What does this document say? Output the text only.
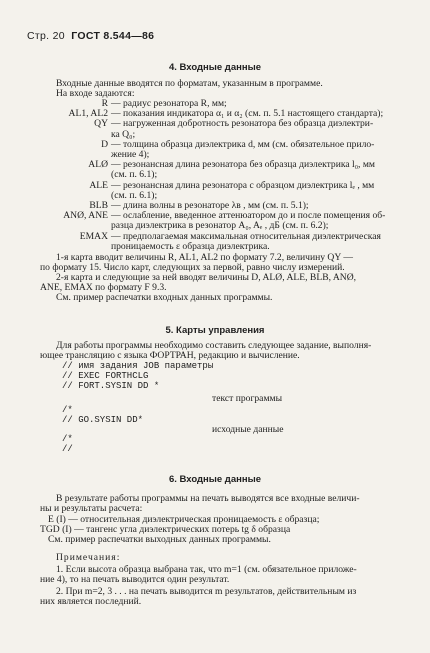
Стр. 20 ГОСТ 8.544—86
4. Входные данные
Входные данные вводятся по форматам, указанным в программе.
На входе задаются:
R — радиус резонатора R, мм;
AL1, AL2 — показания индикатора α₁ и α₂ (см. п. 5.1 настоящего стандарта);
QY — нагруженная добротность резонатора без образца диэлектри-
ка Q₀;
D — толщина образца диэлектрика d, мм (см. обязательное прило-
жение 4);
ALØ — резонансная длина резонатора без образца диэлектрика l₀, мм
(см. п. 6.1);
ALE — резонансная длина резонатора с образцом диэлектрика lₑ , мм
(см. п. 6.1);
BLB — длина волны в резонаторе λв , мм (см. п. 5.1);
ANØ, ANE — ослабление, введенное аттенюатором до и после помещения об-
разца диэлектрика в резонатор A₀, Aₑ , дБ (см. п. 6.2);
EMAX — предполагаемая максимальная относительная диэлектрическая
проницаемость ε образца диэлектрика.
1-я карта вводит величины R, AL1, AL2 по формату 7.2, величину QY —
по формату 15. Число карт, следующих за первой, равно числу измерений.
2-я карта и следующие за ней вводят величины D, ALØ, ALE, BLB, ANØ,
ANE, EMAX по формату F 9.3.
См. пример распечатки входных данных программы.
5. Карты управления
Для работы программы необходимо составить следующее задание, выполня-
ющее трансляцию с языка ФОРТРАН, редакцию и вычисление.
// имя задания JOB параметры
// EXEC FORTHCLG
// FORT.SYSIN DD *
текст программы
/*
// GO.SYSIN DD*
исходные данные
/*
//
6. Входные данные
В результате работы программы на печать выводятся все входные величи-
ны и результаты расчета:
E (I) — относительная диэлектрическая проницаемость ε образца;
TGD (I) — тангенс угла диэлектрических потерь tg δ образца
См. пример распечатки выходных данных программы.
Примечания:
1. Если высота образца выбрана так, что m=1 (см. обязательное приложе-
ние 4), то на печать выводится один результат.
2. При m=2, 3 . . . на печать выводится m результатов, действительным из
них является последний.
